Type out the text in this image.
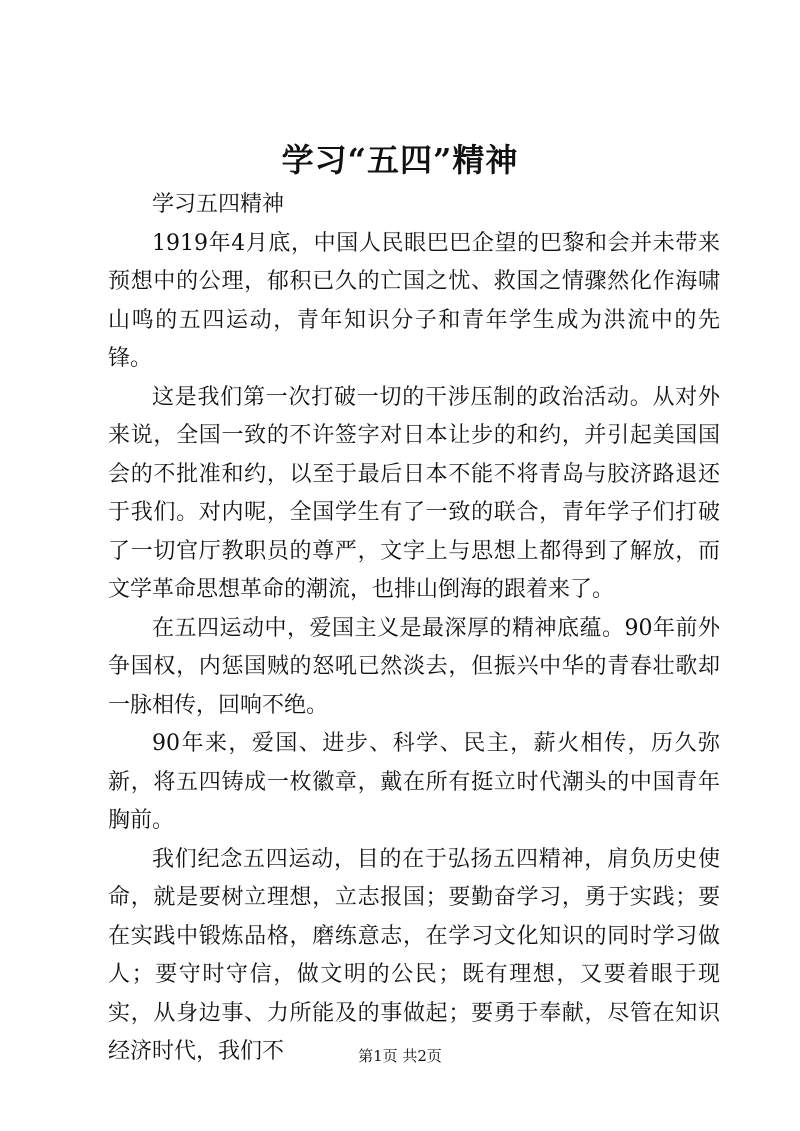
学习“五四”精神

学习五四精神

1919年4月底，中国人民眼巴巴企望的巴黎和会并未带来预想中的公理，郁积已久的亡国之忧、救国之情骤然化作海啸山鸣的五四运动，青年知识分子和青年学生成为洪流中的先锋。

这是我们第一次打破一切的干涉压制的政治活动。从对外来说，全国一致的不许签字对日本让步的和约，并引起美国国会的不批准和约，以至于最后日本不能不将青岛与胶济路退还于我们。对内呢，全国学生有了一致的联合，青年学子们打破了一切官厅教职员的尊严，文字上与思想上都得到了解放，而文学革命思想革命的潮流，也排山倒海的跟着来了。

在五四运动中，爱国主义是最深厚的精神底蕴。90年前外争国权，内惩国贼的怒吼已然淡去，但振兴中华的青春壮歌却一脉相传，回响不绝。

90年来，爱国、进步、科学、民主，薪火相传，历久弥新，将五四铸成一枚徽章，戴在所有挺立时代潮头的中国青年胸前。

我们纪念五四运动，目的在于弘扬五四精神，肩负历史使命，就是要树立理想，立志报国；要勤奋学习，勇于实践；要在实践中锻炼品格，磨练意志，在学习文化知识的同时学习做人；要守时守信，做文明的公民；既有理想，又要着眼于现实，从身边事、力所能及的事做起；要勇于奉献，尽管在知识经济时代，我们不	第1页 共2页
